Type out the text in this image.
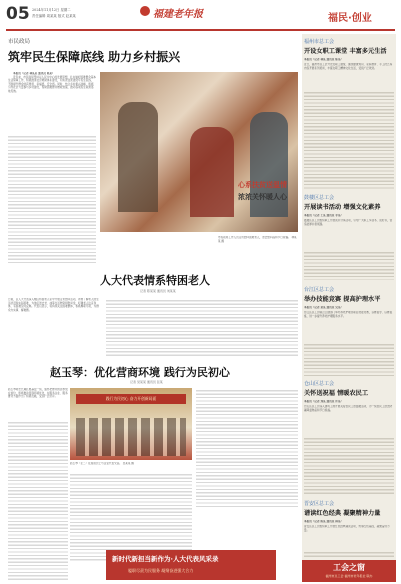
05 2024年11月12日 星期二
责任编辑 周某某 版式 赵某某	福建老年报	福民·创业
市民政局
筑牢民生保障底线 助力乡村振兴

本报讯（记者 林某某 通讯员 陈某）

近年来，市民政局坚持以人民为中心的发展思想，扎实做好困难群众基本生活保障工作，积极推进社会救助体系建设，切实兜住兜准兜牢民生底线，不断提升群众的获得感、幸福感、安全感。同时，结合乡村振兴战略，积极引导社会力量参与乡村建设，帮助困难群众增收致富，推动各项民生政策落地见效。

心系扶贫送温情
浓浓关怀暖人心
市民政局工作人员走访慰问困难老人，送去慰问品和节日祝福。 林某某 摄
人大代表情系特困老人
记者 陈某某 通讯员 刘某某
日前，区人大代表深入辖区特困老人家中开展走访慰问活动，详细了解老人的生活状况和实际困难，为他们送去米、油等生活物资和慰问金，叮嘱老人注意身体，有困难及时反映。代表们表示，将持续关注困难群体，积极履职尽责，为群众办实事、解难题。
赵玉琴：优化营商环境 践行为民初心
记者 吴某某 通讯员 张某
赵玉琴同志长期扎根基层一线，始终把群众的需求放在首位，积极推动营商环境优化，在服务企业、服务群众方面作出了积极贡献，受到广泛好评。	践行为民初心 奋力开创新局面
赵玉琴（左二）在座谈会上与企业代表交流。 吴某某 摄
新时代新担当新作为·人大代表风采录
履职尽责为民服务 凝聚奋进强大合力
福州市总工会
开设女职工课堂 丰富多元生活
本报讯（记者 林某 通讯员 陈某）
近日，福州市总工会开设女职工课堂，围绕健康知识、家庭教育、手工技艺等内容开展系列培训，丰富女职工精神文化生活，受到广泛欢迎。
鼓楼区总工会
开展读书活动 增强文化素养
本报讯（记者 王某 通讯员 李某）
鼓楼区总工会组织职工开展读书分享活动，引导广大职工多读书、读好书，营造浓厚书香氛围。
台江区总工会
举办技能竞赛 提高护理水平
本报讯（记者 黄某 通讯员 吴某）
台江区总工会联合卫健部门举办养老护理员职业技能竞赛，以赛促学、以赛促练，进一步提升养老护理服务水平。
仓山区总工会
关怀送祝福 情暖农民工
本报讯（记者 郑某 通讯员 许某）
仓山区总工会深入建筑工地开展关爱农民工送温暖活动，为一线农民工送去防暑降温物品和节日祝福。
晋安区总工会
谱读红色经典 凝聚精神力量
本报讯（记者 陈某 通讯员 林某）
晋安区总工会组织职工开展红色经典诵读活动，传承红色基因，凝聚奋进力量。
工会之窗
福州市总工会 福州市老年报社 联办
